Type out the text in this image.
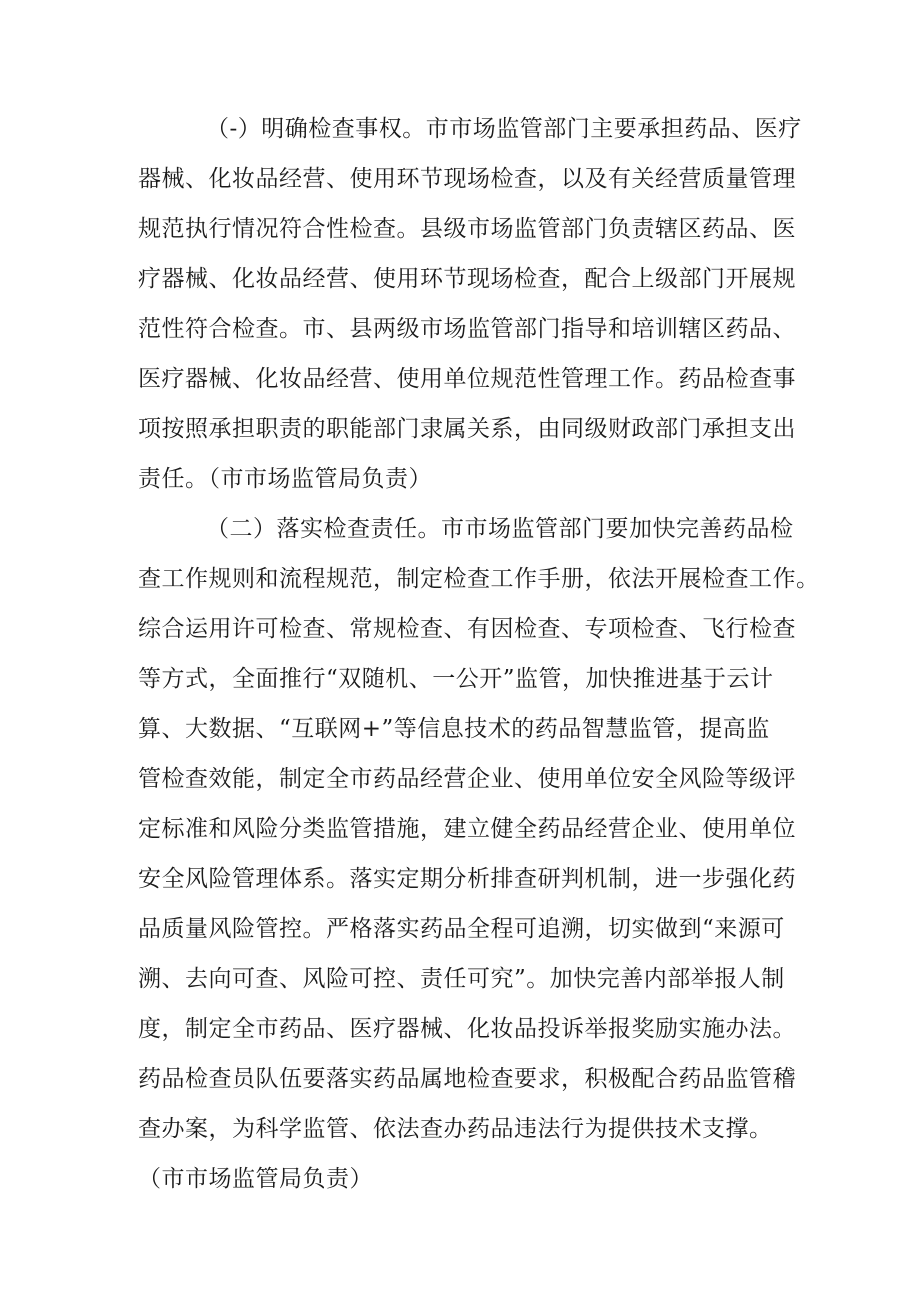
（-）明确检查事权。市市场监管部门主要承担药品、医疗
器械、化妆品经营、使用环节现场检查，以及有关经营质量管理
规范执行情况符合性检查。县级市场监管部门负责辖区药品、医
疗器械、化妆品经营、使用环节现场检查，配合上级部门开展规
范性符合检查。市、县两级市场监管部门指导和培训辖区药品、
医疗器械、化妆品经营、使用单位规范性管理工作。药品检查事
项按照承担职责的职能部门隶属关系，由同级财政部门承担支出
责任。（市市场监管局负责）
（二）落实检查责任。市市场监管部门要加快完善药品检
查工作规则和流程规范，制定检查工作手册，依法开展检查工作。
综合运用许可检查、常规检查、有因检查、专项检查、飞行检查
等方式，全面推行“双随机、一公开”监管，加快推进基于云计
算、大数据、“互联网+”等信息技术的药品智慧监管，提高监
管检查效能，制定全市药品经营企业、使用单位安全风险等级评
定标准和风险分类监管措施，建立健全药品经营企业、使用单位
安全风险管理体系。落实定期分析排查研判机制，进一步强化药
品质量风险管控。严格落实药品全程可追溯，切实做到“来源可
溯、去向可查、风险可控、责任可究”。加快完善内部举报人制
度，制定全市药品、医疗器械、化妆品投诉举报奖励实施办法。
药品检查员队伍要落实药品属地检查要求，积极配合药品监管稽
查办案，为科学监管、依法查办药品违法行为提供技术支撑。
（市市场监管局负责）
